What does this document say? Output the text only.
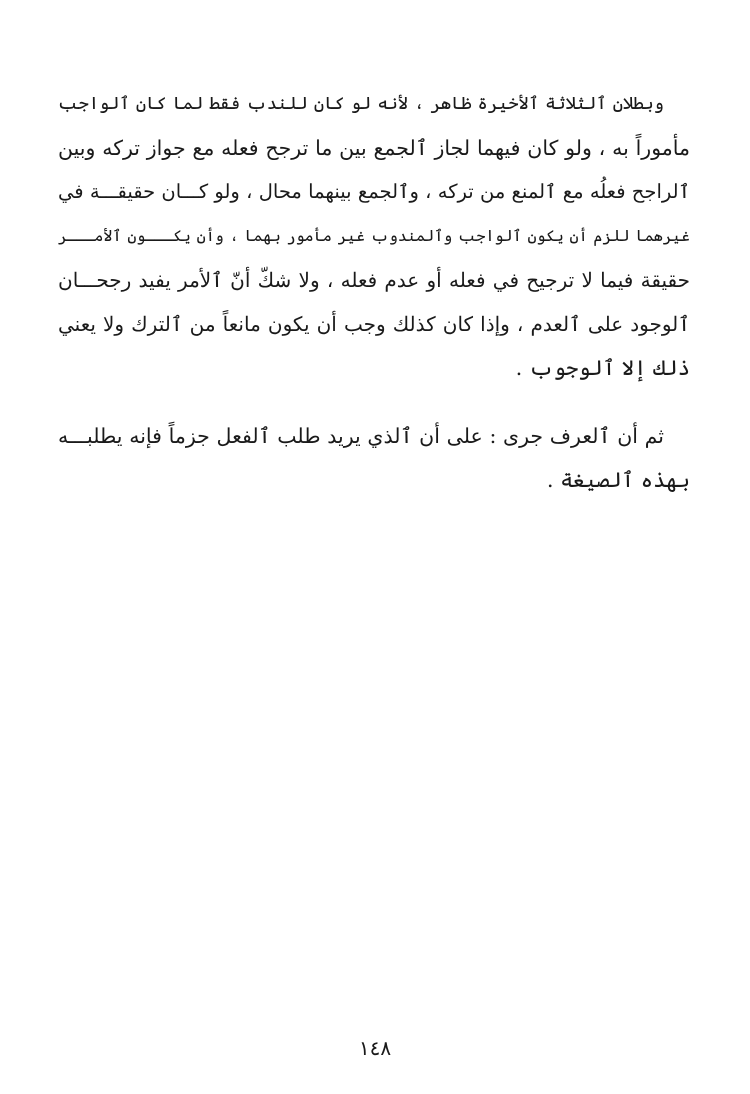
وبطلان ٱلثلاثة ٱلأخيرة ظاهر ، لأنه لو كان للندب فقط لما كان ٱلواجب
مأموراً به ، ولو كان فيهما لجاز ٱلجمع بين ما ترجح فعله مع جواز تركه وبين
ٱلراجح فعلُه مع ٱلمنع من تركه ، وٱلجمع بينهما محال ، ولو كـــان حقيقـــة في
غيرهما للزم أن يكون ٱلواجب وٱلمندوب غير مأمور بهما ، وأن يكـــون ٱلأمـــر
حقيقة فيما لا ترجيح في فعله أو عدم فعله ، ولا شكّ أنّ ٱلأمر يفيد رجحـــان
ٱلوجود على ٱلعدم ، وإذا كان كذلك وجب أن يكون مانعاً من ٱلترك ولا يعني
ذلك إلا ٱلوجوب .
ثم أن ٱلعرف جرى : على أن ٱلذي يريد طلب ٱلفعل جزماً فإنه يطلبـــه
بهذه ٱلصيغة .
١٤٨
